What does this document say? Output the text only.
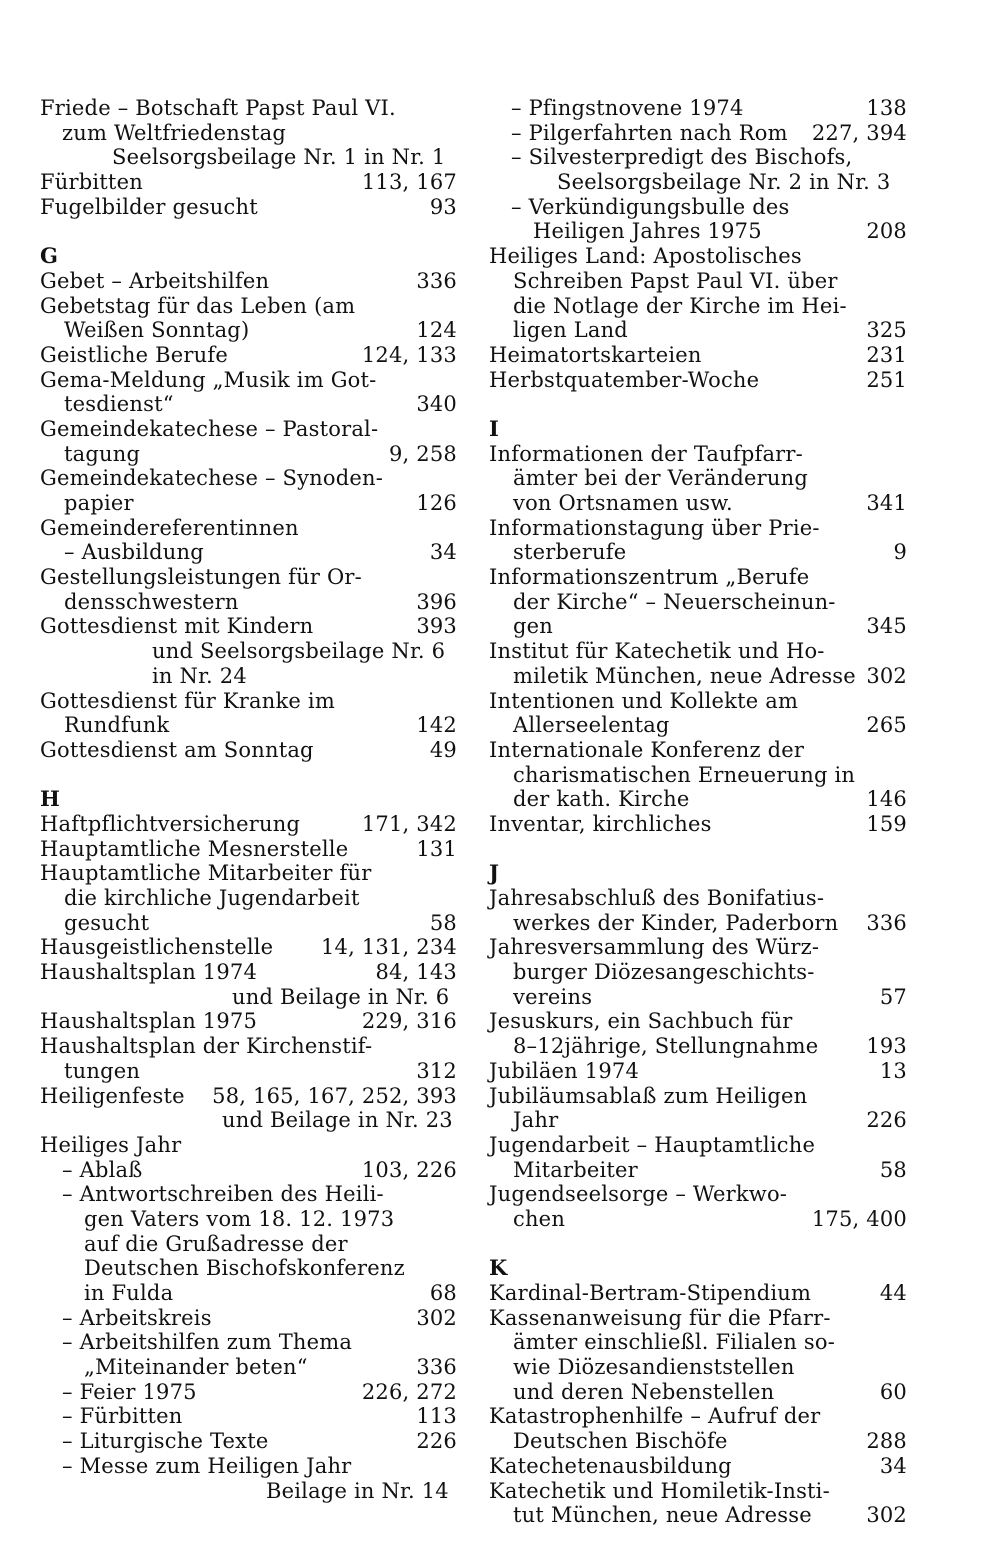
Friede – Botschaft Papst Paul VI.
zum Weltfriedenstag
Seelsorgsbeilage Nr. 1 in Nr. 1
Fürbitten	113, 167
Fugelbilder gesucht	93
G
Gebet – Arbeitshilfen	336
Gebetstag für das Leben (am
Weißen Sonntag)	124
Geistliche Berufe	124, 133
Gema-Meldung „Musik im Got-
tesdienst“	340
Gemeindekatechese – Pastoral-
tagung	9, 258
Gemeindekatechese – Synoden-
papier	126
Gemeindereferentinnen
– Ausbildung	34
Gestellungsleistungen für Or-
densschwestern	396
Gottesdienst mit Kindern	393
und Seelsorgsbeilage Nr. 6
in Nr. 24
Gottesdienst für Kranke im
Rundfunk	142
Gottesdienst am Sonntag	49
H
Haftpflichtversicherung	171, 342
Hauptamtliche Mesnerstelle	131
Hauptamtliche Mitarbeiter für
die kirchliche Jugendarbeit
gesucht	58
Hausgeistlichenstelle 14, 131, 234
Haushaltsplan 1974	84, 143
und Beilage in Nr. 6
Haushaltsplan 1975	229, 316
Haushaltsplan der Kirchenstif-
tungen	312
Heiligenfeste 58, 165, 167, 252, 393
und Beilage in Nr. 23
Heiliges Jahr
– Ablaß	103, 226
– Antwortschreiben des Heili-
gen Vaters vom 18. 12. 1973
auf die Grußadresse der
Deutschen Bischofskonferenz
in Fulda	68
– Arbeitskreis	302
– Arbeitshilfen zum Thema
„Miteinander beten“	336
– Feier 1975	226, 272
– Fürbitten	113
– Liturgische Texte	226
– Messe zum Heiligen Jahr
Beilage in Nr. 14
– Pfingstnovene 1974	138
– Pilgerfahrten nach Rom 227, 394
– Silvesterpredigt des Bischofs,
Seelsorgsbeilage Nr. 2 in Nr. 3
– Verkündigungsbulle des
Heiligen Jahres 1975	208
Heiliges Land: Apostolisches
Schreiben Papst Paul VI. über
die Notlage der Kirche im Hei-
ligen Land	325
Heimatortskarteien	231
Herbstquatember-Woche	251
I
Informationen der Taufpfarr-
ämter bei der Veränderung
von Ortsnamen usw.	341
Informationstagung über Prie-
sterberufe	9
Informationszentrum „Berufe
der Kirche“ – Neuerscheinun-
gen	345
Institut für Katechetik und Ho-
miletik München, neue Adresse 302
Intentionen und Kollekte am
Allerseelentag	265
Internationale Konferenz der
charismatischen Erneuerung in
der kath. Kirche	146
Inventar, kirchliches	159
J
Jahresabschluß des Bonifatius-
werkes der Kinder, Paderborn 336
Jahresversammlung des Würz-
burger Diözesangeschichts-
vereins	57
Jesuskurs, ein Sachbuch für
8–12jährige, Stellungnahme 193
Jubiläen 1974	13
Jubiläumsablaß zum Heiligen
Jahr	226
Jugendarbeit – Hauptamtliche
Mitarbeiter	58
Jugendseelsorge – Werkwo-
chen	175, 400
K
Kardinal-Bertram-Stipendium	44
Kassenanweisung für die Pfarr-
ämter einschließl. Filialen so-
wie Diözesandienststellen
und deren Nebenstellen	60
Katastrophenhilfe – Aufruf der
Deutschen Bischöfe	288
Katechetenausbildung	34
Katechetik und Homiletik-Insti-
tut München, neue Adresse	302
